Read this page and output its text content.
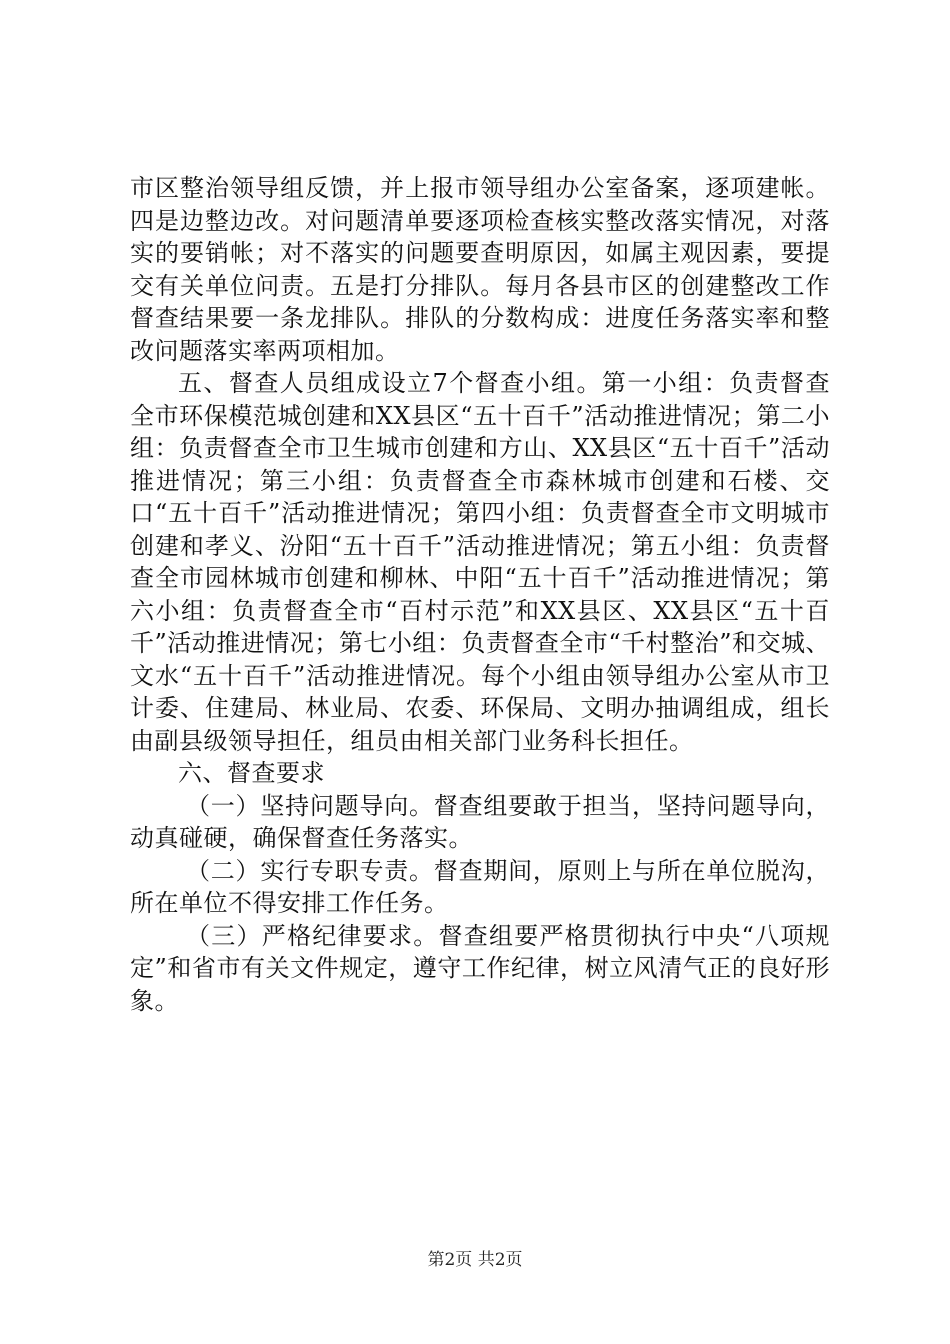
市区整治领导组反馈，并上报市领导组办公室备案，逐项建帐。四是边整边改。对问题清单要逐项检查核实整改落实情况，对落实的要销帐；对不落实的问题要查明原因，如属主观因素，要提交有关单位问责。五是打分排队。每月各县市区的创建整改工作督查结果要一条龙排队。排队的分数构成：进度任务落实率和整改问题落实率两项相加。

五、督查人员组成设立7个督查小组。第一小组：负责督查全市环保模范城创建和XX县区“五十百千”活动推进情况；第二小组：负责督查全市卫生城市创建和方山、XX县区“五十百千”活动推进情况；第三小组：负责督查全市森林城市创建和石楼、交口“五十百千”活动推进情况；第四小组：负责督查全市文明城市创建和孝义、汾阳“五十百千”活动推进情况；第五小组：负责督查全市园林城市创建和柳林、中阳“五十百千”活动推进情况；第六小组：负责督查全市“百村示范”和XX县区、XX县区“五十百千”活动推进情况；第七小组：负责督查全市“千村整治”和交城、文水“五十百千”活动推进情况。每个小组由领导组办公室从市卫计委、住建局、林业局、农委、环保局、文明办抽调组成，组长由副县级领导担任，组员由相关部门业务科长担任。

六、督查要求

（一）坚持问题导向。督查组要敢于担当，坚持问题导向，动真碰硬，确保督查任务落实。

（二）实行专职专责。督查期间，原则上与所在单位脱沟，所在单位不得安排工作任务。

（三）严格纪律要求。督查组要严格贯彻执行中央“八项规定”和省市有关文件规定，遵守工作纪律，树立风清气正的良好形象。

第2页 共2页
